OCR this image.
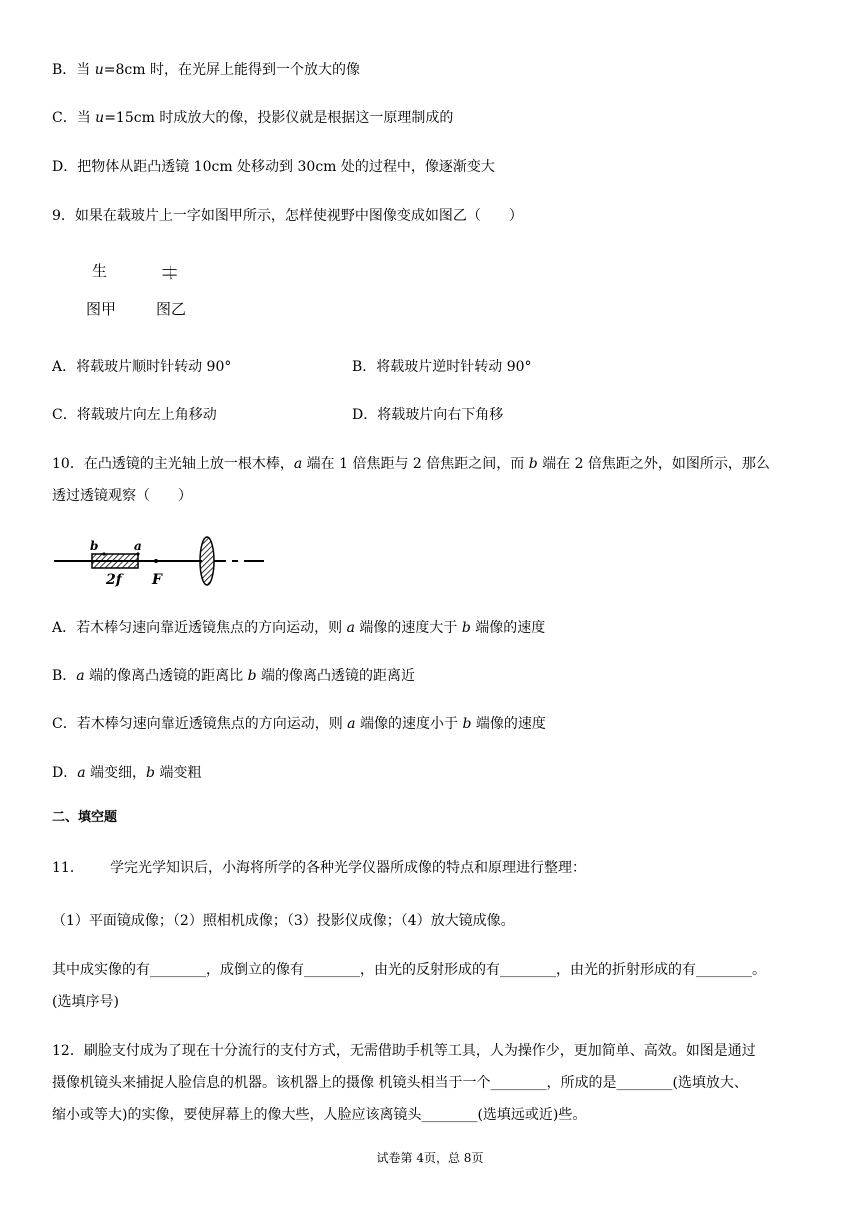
B．当 u=8cm 时，在光屏上能得到一个放大的像
C．当 u=15cm 时成放大的像，投影仪就是根据这一原理制成的
D．把物体从距凸透镜 10cm 处移动到 30cm 处的过程中，像逐渐变大
9．如果在载玻片上一字如图甲所示，怎样使视野中图像变成如图乙（　　）
生	卄
图甲	图乙
A．将载玻片顺时针转动 90°	B．将载玻片逆时针转动 90°
C．将载玻片向左上角移动	D．将载玻片向右下角移
10．在凸透镜的主光轴上放一根木棒，a 端在 1 倍焦距与 2 倍焦距之间，而 b 端在 2 倍焦距之外，如图所示，那么
透过透镜观察（　　）
b	a
2f F
A．若木棒匀速向靠近透镜焦点的方向运动，则 a 端像的速度大于 b 端像的速度
B．a 端的像离凸透镜的距离比 b 端的像离凸透镜的距离近
C．若木棒匀速向靠近透镜焦点的方向运动，则 a 端像的速度小于 b 端像的速度
D．a 端变细，b 端变粗
二、填空题
11． 学完光学知识后，小海将所学的各种光学仪器所成像的特点和原理进行整理：
（1）平面镜成像；（2）照相机成像；（3）投影仪成像；（4）放大镜成像。
其中成实像的有________，成倒立的像有________，由光的反射形成的有________，由光的折射形成的有________。
(选填序号)
12．刷脸支付成为了现在十分流行的支付方式，无需借助手机等工具，人为操作少，更加简单、高效。如图是通过
摄像机镜头来捕捉人脸信息的机器。该机器上的摄像 机镜头相当于一个________，所成的是________(选填放大、
缩小或等大)的实像，要使屏幕上的像大些，人脸应该离镜头________(选填远或近)些。
试卷第 4页，总 8页
